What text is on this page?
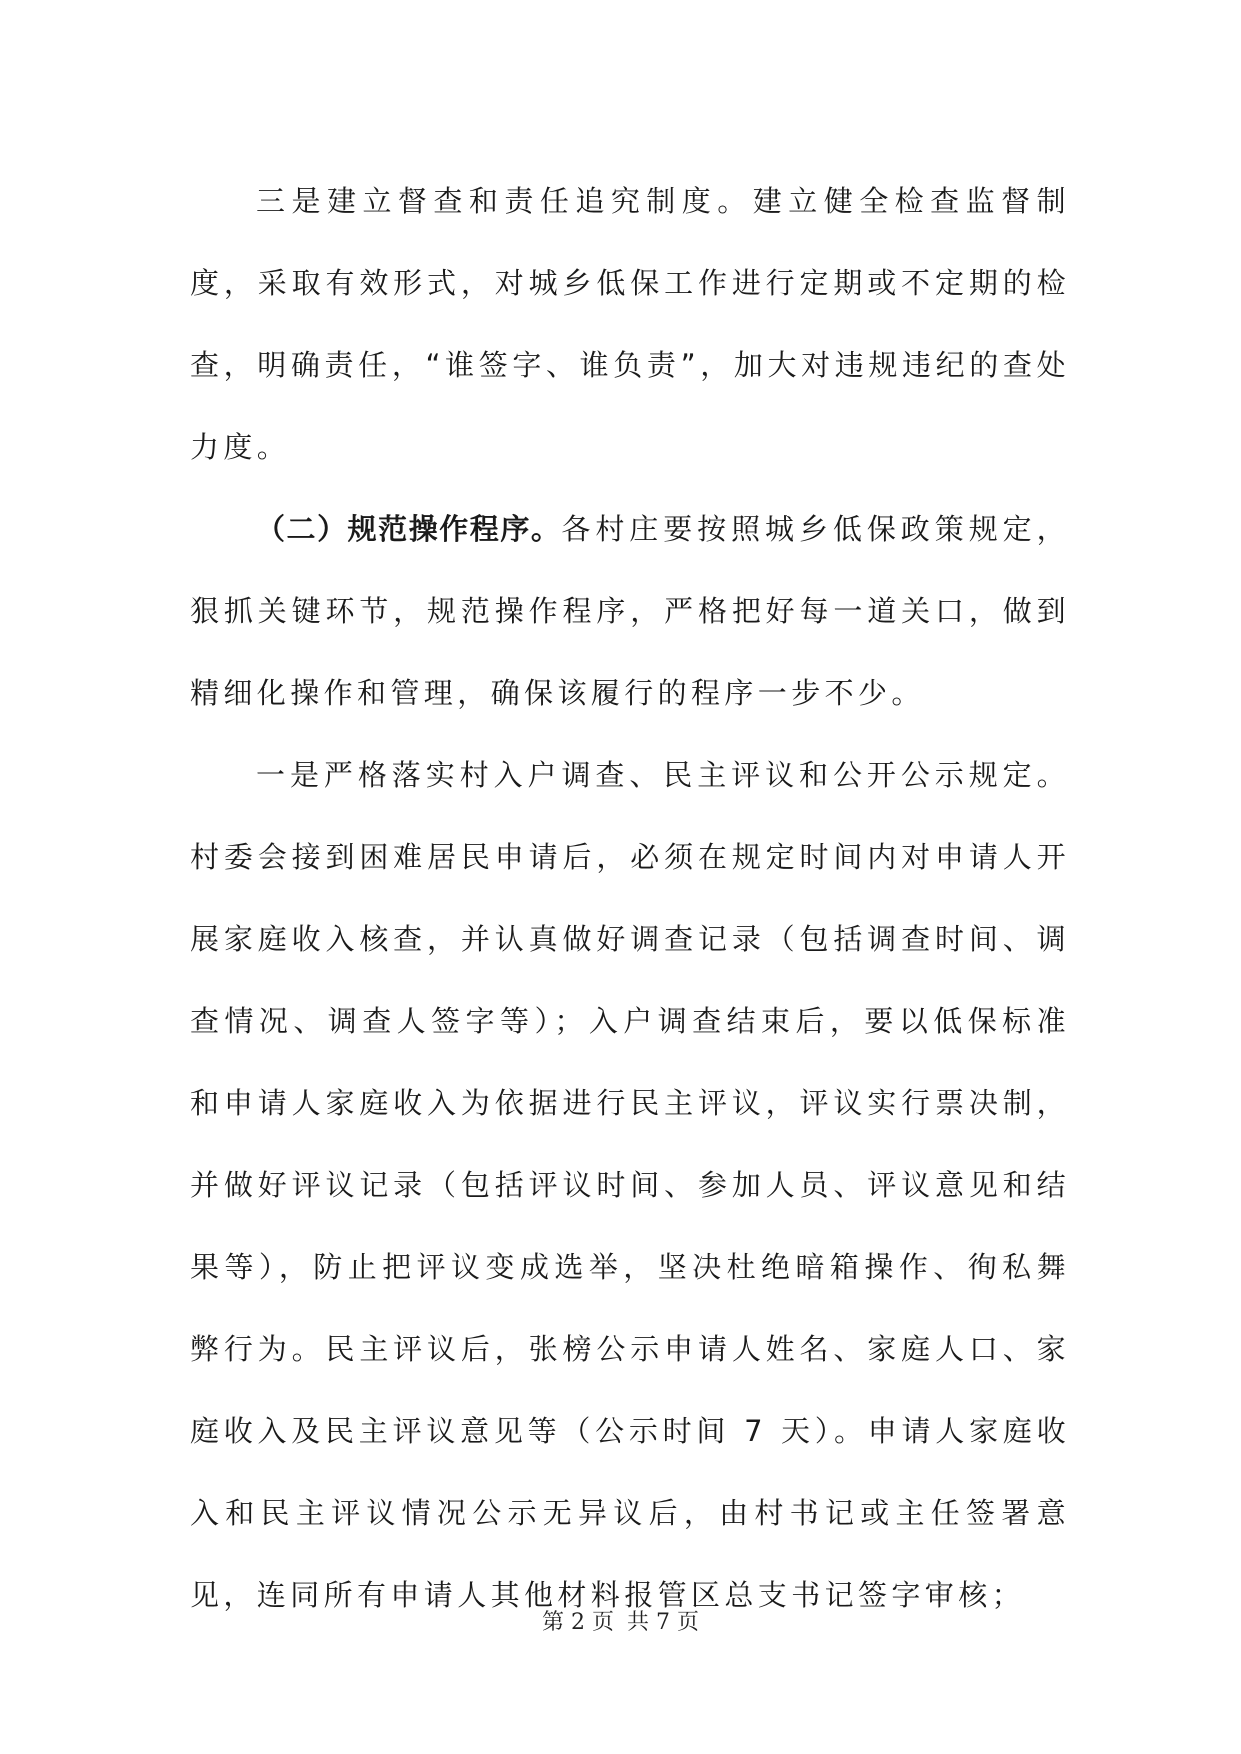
三是建立督查和责任追究制度。建立健全检查监督制度，采取有效形式，对城乡低保工作进行定期或不定期的检查，明确责任，“谁签字、谁负责”，加大对违规违纪的查处力度。

（二）规范操作程序。各村庄要按照城乡低保政策规定，狠抓关键环节，规范操作程序，严格把好每一道关口，做到精细化操作和管理，确保该履行的程序一步不少。

一是严格落实村入户调查、民主评议和公开公示规定。村委会接到困难居民申请后，必须在规定时间内对申请人开展家庭收入核查，并认真做好调查记录（包括调查时间、调查情况、调查人签字等）；入户调查结束后，要以低保标准和申请人家庭收入为依据进行民主评议，评议实行票决制，并做好评议记录（包括评议时间、参加人员、评议意见和结果等），防止把评议变成选举，坚决杜绝暗箱操作、徇私舞弊行为。民主评议后，张榜公示申请人姓名、家庭人口、家庭收入及民主评议意见等（公示时间 7 天）。申请人家庭收入和民主评议情况公示无异议后，由村书记或主任签署意见，连同所有申请人其他材料报管区总支书记签字审核；

第 2 页 共 7 页
